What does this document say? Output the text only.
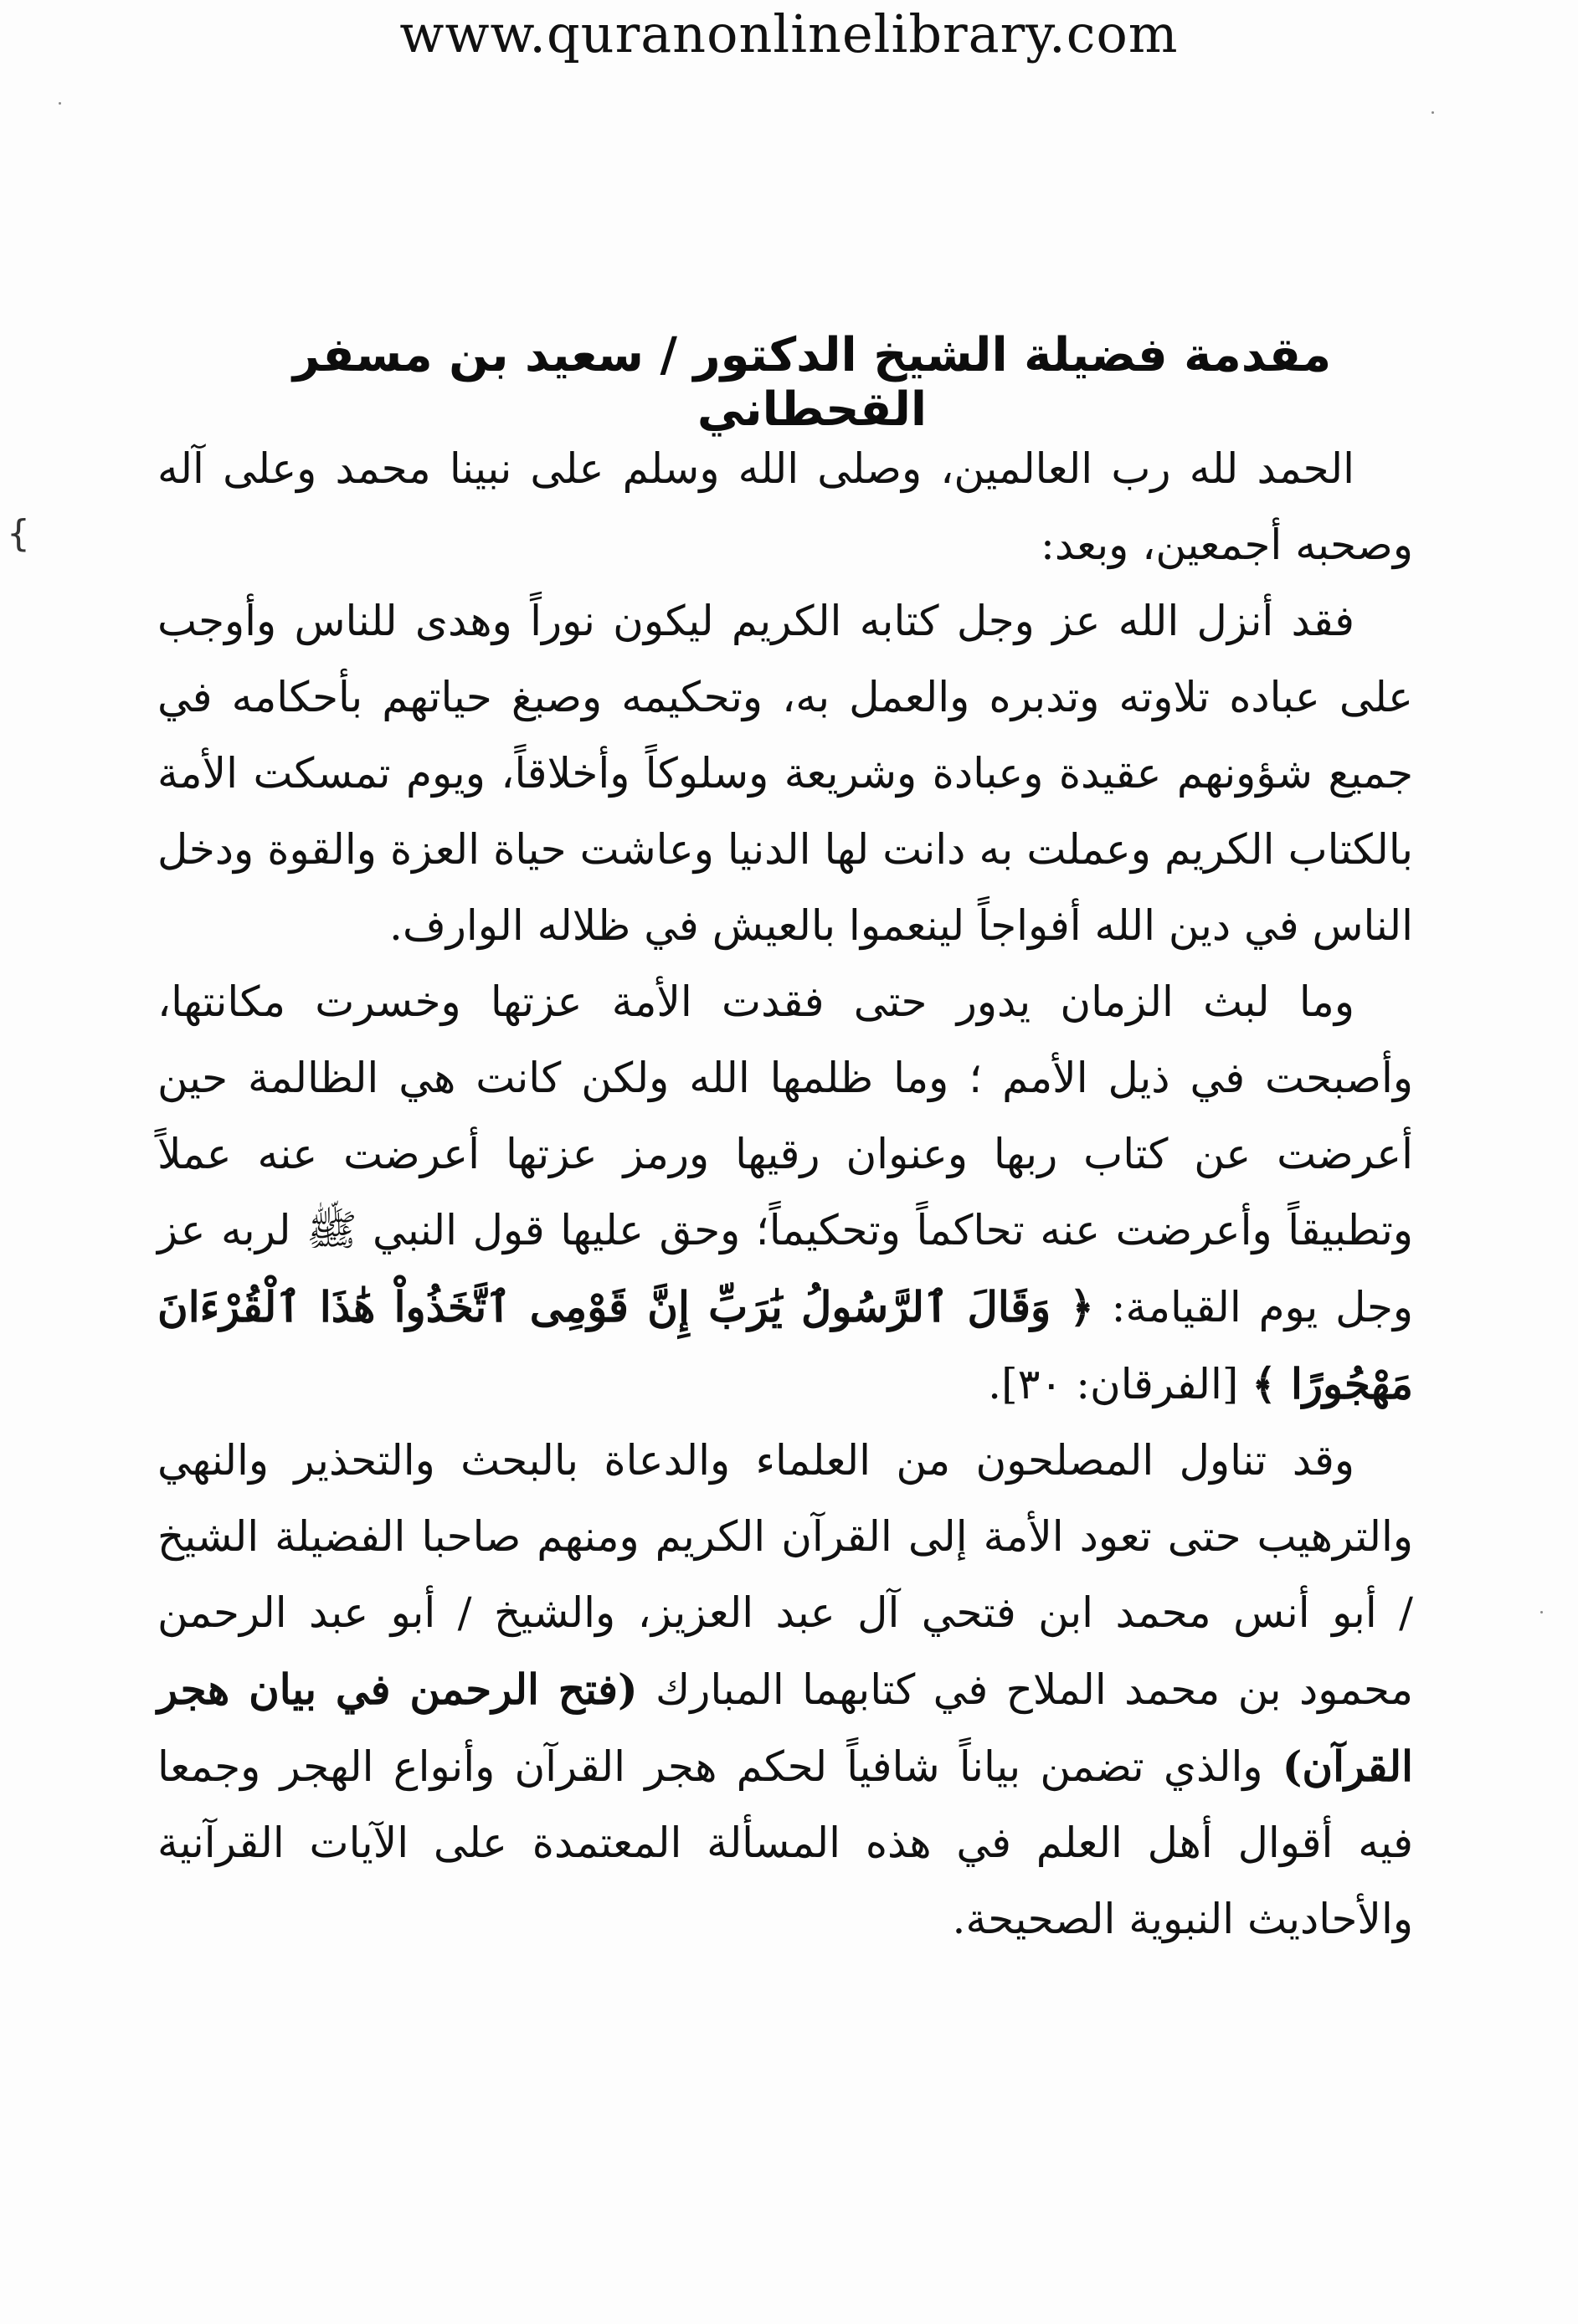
www.quranonlinelibrary.com
مقدمة فضيلة الشيخ الدكتور / سعيد بن مسفر القحطاني
{

الحمد لله رب العالمين، وصلى الله وسلم على نبينا محمد وعلى آله وصحبه أجمعين، وبعد:

فقد أنزل الله عز وجل كتابه الكريم ليكون نوراً وهدى للناس وأوجب على عباده تلاوته وتدبره والعمل به، وتحكيمه وصبغ حياتهم بأحكامه في جميع شؤونهم عقيدة وعبادة وشريعة وسلوكاً وأخلاقاً، ويوم تمسكت الأمة بالكتاب الكريم وعملت به دانت لها الدنيا وعاشت حياة العزة والقوة ودخل الناس في دين الله أفواجاً لينعموا بالعيش في ظلاله الوارف.

وما لبث الزمان يدور حتى فقدت الأمة عزتها وخسرت مكانتها، وأصبحت في ذيل الأمم ؛ وما ظلمها الله ولكن كانت هي الظالمة حين أعرضت عن كتاب ربها وعنوان رقيها ورمز عزتها أعرضت عنه عملاً وتطبيقاً وأعرضت عنه تحاكماً وتحكيماً؛ وحق عليها قول النبي ﷺ لربه عز وجل يوم القيامة: ﴿ وَقَالَ ٱلرَّسُولُ يَٰرَبِّ إِنَّ قَوْمِى ٱتَّخَذُواْ هَٰذَا ٱلْقُرْءَانَ مَهْجُورًا ﴾ [الفرقان: ٣٠].

وقد تناول المصلحون من العلماء والدعاة بالبحث والتحذير والنهي والترهيب حتى تعود الأمة إلى القرآن الكريم ومنهم صاحبا الفضيلة الشيخ / أبو أنس محمد ابن فتحي آل عبد العزيز، والشيخ / أبو عبد الرحمن محمود بن محمد الملاح في كتابهما المبارك (فتح الرحمن في بيان هجر القرآن) والذي تضمن بياناً شافياً لحكم هجر القرآن وأنواع الهجر وجمعا فيه أقوال أهل العلم في هذه المسألة المعتمدة على الآيات القرآنية والأحاديث النبوية الصحيحة.
